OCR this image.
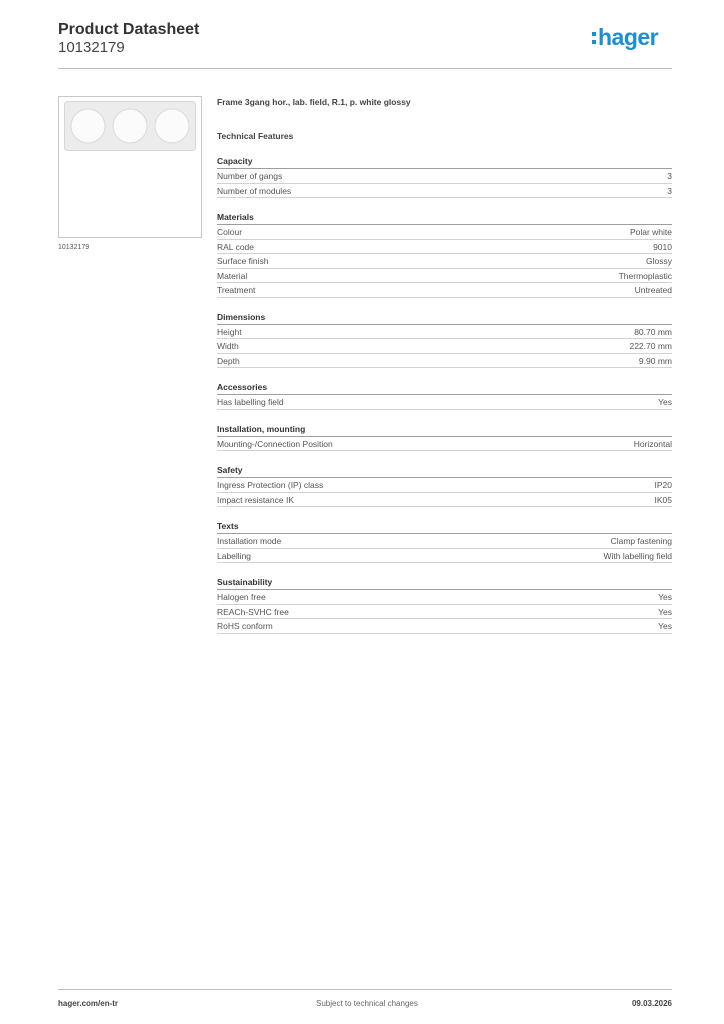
Product Datasheet
10132179	hager
10132179
Frame 3gang hor., lab. field, R.1, p. white glossy
Technical Features
Capacity
Number of gangs	3
Number of modules	3
Materials
Colour	Polar white
RAL code	9010
Surface finish	Glossy
Material	Thermoplastic
Treatment	Untreated
Dimensions
Height	80.70 mm
Width	222.70 mm
Depth	9.90 mm
Accessories
Has labelling field	Yes
Installation, mounting
Mounting-/Connection Position	Horizontal
Safety
Ingress Protection (IP) class	IP20
Impact resistance IK	IK05
Texts
Installation mode	Clamp fastening
Labelling	With labelling field
Sustainability
Halogen free	Yes
REACh-SVHC free	Yes
RoHS conform	Yes
hager.com/en-tr	Subject to technical changes	09.03.2026
